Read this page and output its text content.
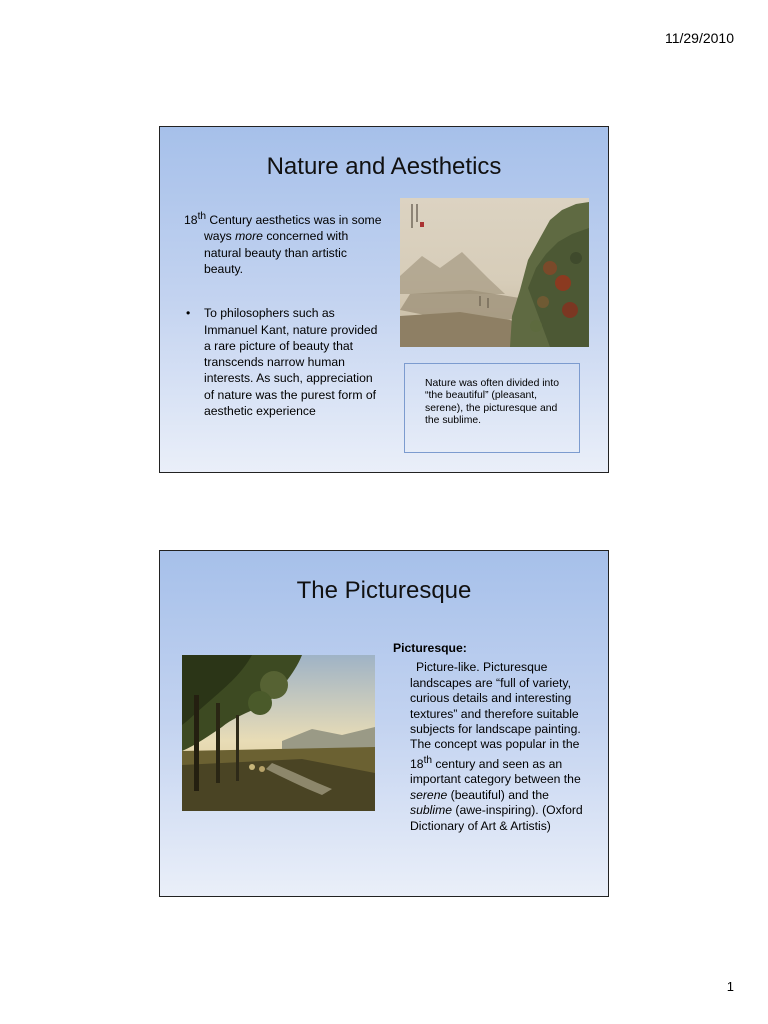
11/29/2010
Nature and Aesthetics

18th Century aesthetics was in some ways more concerned with natural beauty than artistic beauty.

• To philosophers such as Immanuel Kant, nature provided a rare picture of beauty that transcends narrow human interests. As such, appreciation of nature was the purest form of aesthetic experience
Nature was often divided into “the beautiful” (pleasant, serene), the picturesque and the sublime.
The Picturesque

Picturesque:

Picture-like. Picturesque landscapes are “full of variety, curious details and interesting textures” and therefore suitable subjects for landscape painting. The concept was popular in the 18th century and seen as an important category between the serene (beautiful) and the sublime (awe-inspiring). (Oxford Dictionary of Art & Artistis)

1
